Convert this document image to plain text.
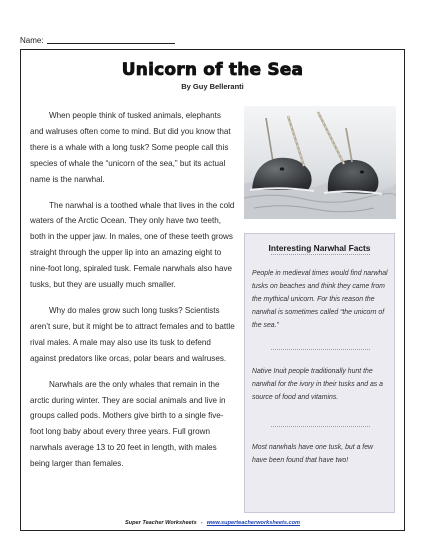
Name:
Unicorn of the Sea
By Guy Belleranti

When people think of tusked animals, elephants and walruses often come to mind. But did you know that there is a whale with a long tusk? Some people call this species of whale the “unicorn of the sea,” but its actual name is the narwhal.

The narwhal is a toothed whale that lives in the cold waters of the Arctic Ocean. They only have two teeth, both in the upper jaw. In males, one of these teeth grows straight through the upper lip into an amazing eight to nine-foot long, spiraled tusk. Female narwhals also have tusks, but they are usually much smaller.

Why do males grow such long tusks? Scientists aren’t sure, but it might be to attract females and to battle rival males. A male may also use its tusk to defend against predators like orcas, polar bears and walruses.

Narwhals are the only whales that remain in the arctic during winter. They are social animals and live in groups called pods. Mothers give birth to a single five-foot long baby about every three years. Full grown narwhals average 13 to 20 feet in length, with males being larger than females.

Interesting Narwhal Facts

People in medieval times would find narwhal tusks on beaches and think they came from the mythical unicorn. For this reason the narwhal is sometimes called “the unicorn of the sea.”

Native Inuit people traditionally hunt the narwhal for the ivory in their tusks and as a source of food and vitamins.

Most narwhals have one tusk, but a few have been found that have two!

Super Teacher Worksheets - www.superteacherworksheets.com
